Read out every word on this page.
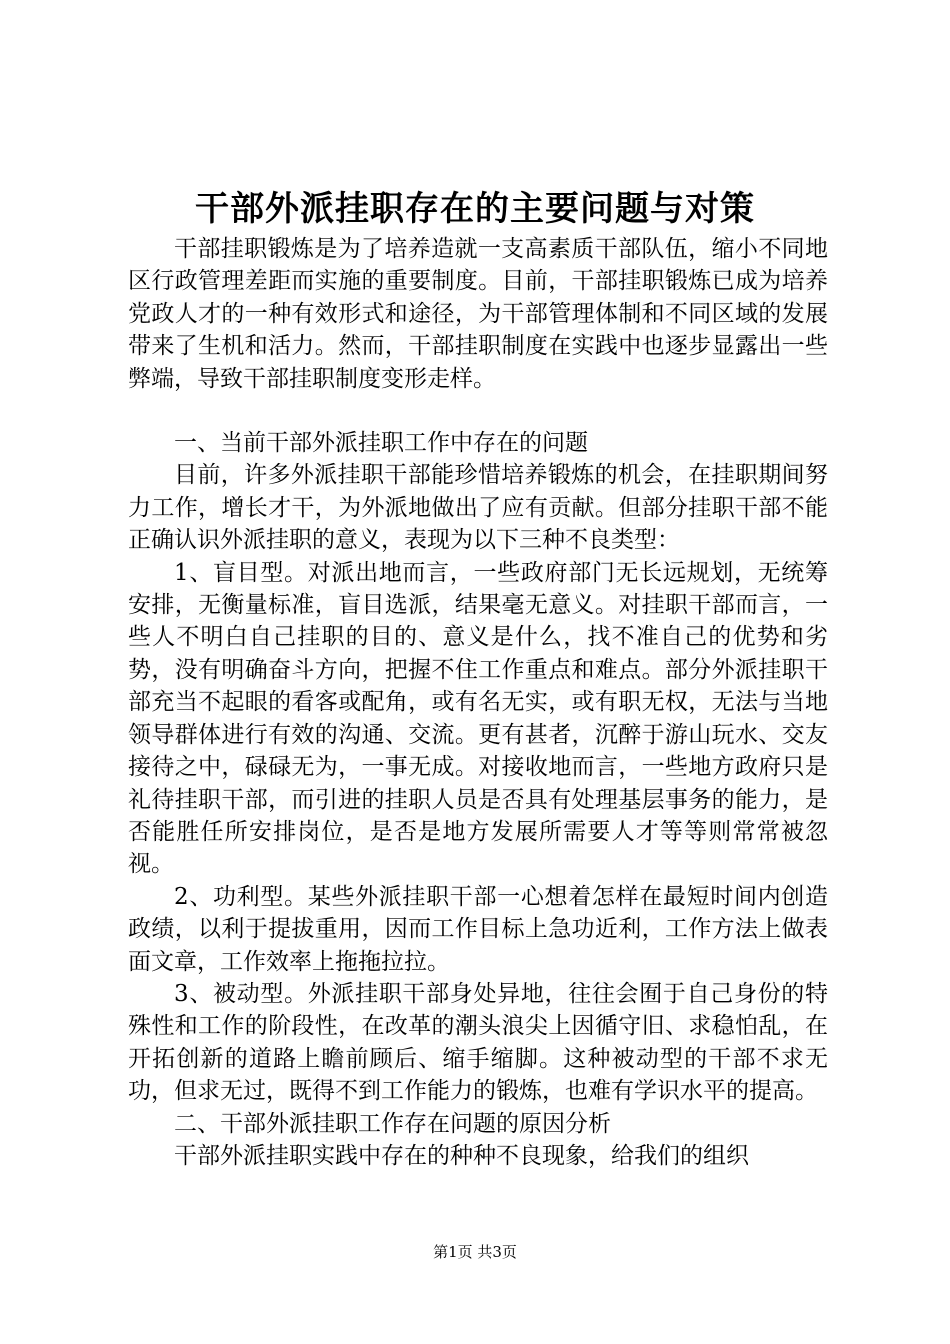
干部外派挂职存在的主要问题与对策

干部挂职锻炼是为了培养造就一支高素质干部队伍，缩小不同地区行政管理差距而实施的重要制度。目前，干部挂职锻炼已成为培养党政人才的一种有效形式和途径，为干部管理体制和不同区域的发展带来了生机和活力。然而，干部挂职制度在实践中也逐步显露出一些弊端，导致干部挂职制度变形走样。

一、当前干部外派挂职工作中存在的问题

目前，许多外派挂职干部能珍惜培养锻炼的机会，在挂职期间努力工作，增长才干，为外派地做出了应有贡献。但部分挂职干部不能正确认识外派挂职的意义，表现为以下三种不良类型：

1、盲目型。对派出地而言，一些政府部门无长远规划，无统筹安排，无衡量标准，盲目选派，结果毫无意义。对挂职干部而言，一些人不明白自己挂职的目的、意义是什么，找不准自己的优势和劣势，没有明确奋斗方向，把握不住工作重点和难点。部分外派挂职干部充当不起眼的看客或配角，或有名无实，或有职无权，无法与当地领导群体进行有效的沟通、交流。更有甚者，沉醉于游山玩水、交友接待之中，碌碌无为，一事无成。对接收地而言，一些地方政府只是礼待挂职干部，而引进的挂职人员是否具有处理基层事务的能力，是否能胜任所安排岗位，是否是地方发展所需要人才等等则常常被忽视。

2、功利型。某些外派挂职干部一心想着怎样在最短时间内创造政绩，以利于提拔重用，因而工作目标上急功近利，工作方法上做表面文章，工作效率上拖拖拉拉。

3、被动型。外派挂职干部身处异地，往往会囿于自己身份的特殊性和工作的阶段性，在改革的潮头浪尖上因循守旧、求稳怕乱，在开拓创新的道路上瞻前顾后、缩手缩脚。这种被动型的干部不求无功，但求无过，既得不到工作能力的锻炼，也难有学识水平的提高。

二、干部外派挂职工作存在问题的原因分析

干部外派挂职实践中存在的种种不良现象，给我们的组织

第1页 共3页
